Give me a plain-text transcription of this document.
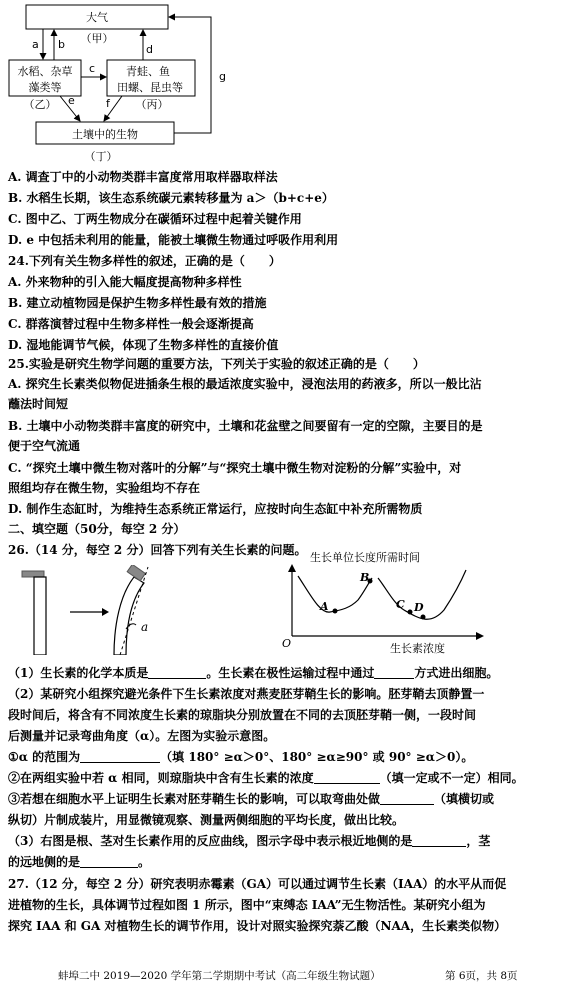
大气
（甲）
水稻、杂草
藻类等
（乙）
青蛙、鱼
田螺、昆虫等
（丙）
土壤中的生物
（丁）
a b
c
d
e	f
g
A. 调查丁中的小动物类群丰富度常用取样器取样法
B. 水稻生长期，该生态系统碳元素转移量为 a＞（b+c+e）
C. 图中乙、丁两生物成分在碳循环过程中起着关键作用
D. e 中包括未利用的能量，能被土壤微生物通过呼吸作用利用
24.下列有关生物多样性的叙述，正确的是（　　）
A. 外来物种的引入能大幅度提高物种多样性
B. 建立动植物园是保护生物多样性最有效的措施
C. 群落演替过程中生物多样性一般会逐渐提高
D. 湿地能调节气候，体现了生物多样性的直接价值
25.实验是研究生物学问题的重要方法，下列关于实验的叙述正确的是（　　）
A. 探究生长素类似物促进插条生根的最适浓度实验中，浸泡法用的药液多，所以一般比沾
蘸法时间短
B. 土壤中小动物类群丰富度的研究中，土壤和花盆壁之间要留有一定的空隙，主要目的是
便于空气流通
C. “探究土壤中微生物对落叶的分解”与“探究土壤中微生物对淀粉的分解”实验中，对
照组均存在微生物，实验组均不存在
D. 制作生态缸时，为维持生态系统正常运行，应按时向生态缸中补充所需物质
二、填空题（50分，每空 2 分）
26.（14 分，每空 2 分）回答下列有关生长素的问题。
a
生长单位长度所需时间
O	生长素浓度
A
B
C D
（1）生长素的化学本质是	。生长素在极性运输过程中通过	方式进出细胞。
（2）某研究小组探究避光条件下生长素浓度对燕麦胚芽鞘生长的影响。胚芽鞘去顶静置一
段时间后，将含有不同浓度生长素的琼脂块分别放置在不同的去顶胚芽鞘一侧，一段时间
后测量并记录弯曲角度（α）。左图为实验示意图。
①α 的范围为	（填 180° ≥α＞0°、180° ≥α≥90° 或 90° ≥α＞0）。
②在两组实验中若 α 相同，则琼脂块中含有生长素的浓度	（填一定或不一定）相同。
③若想在细胞水平上证明生长素对胚芽鞘生长的影响，可以取弯曲处做	（填横切或
纵切）片制成装片，用显微镜观察、测量两侧细胞的平均长度，做出比较。
（3）右图是根、茎对生长素作用的反应曲线，图示字母中表示根近地侧的是	，茎
的远地侧的是	。
27.（12 分，每空 2 分）研究表明赤霉素（GA）可以通过调节生长素（IAA）的水平从而促
进植物的生长，具体调节过程如图 1 所示，图中“束缚态 IAA”无生物活性。某研究小组为
探究 IAA 和 GA 对植物生长的调节作用，设计对照实验探究萘乙酸（NAA，生长素类似物）
蚌埠二中 2019—2020 学年第二学期期中考试（高二年级生物试题）	第 6页，共 8页
